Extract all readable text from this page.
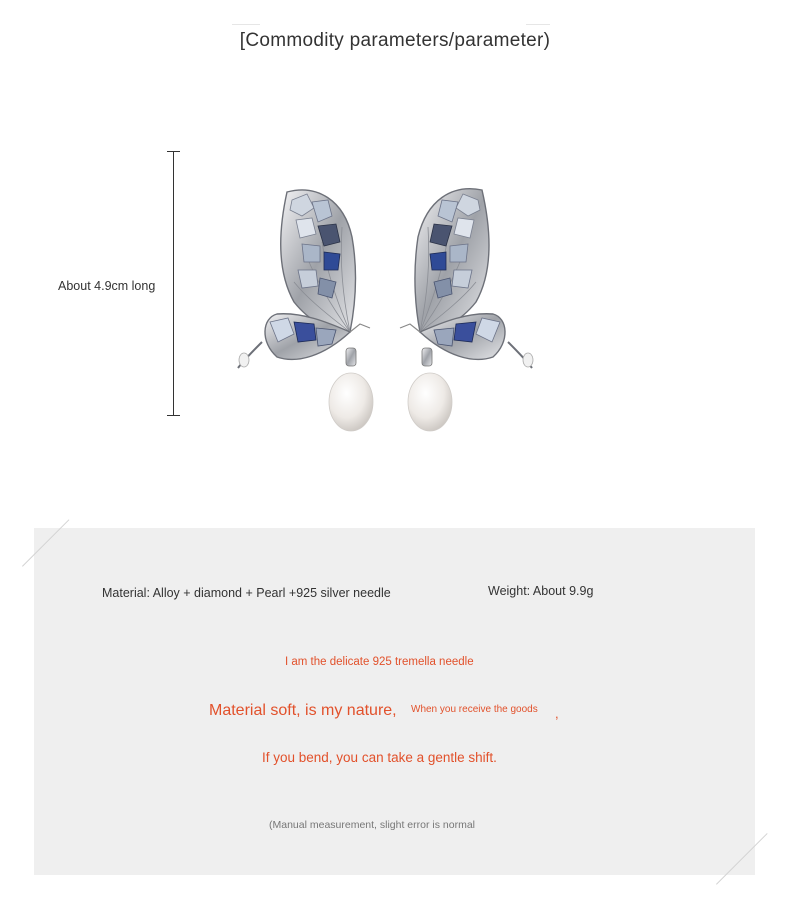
[Commodity parameters/parameter)
About 4.9cm long
Material: Alloy + diamond + Pearl +925 silver needle	Weight: About 9.9g
I am the delicate 925 tremella needle
Material soft, is my nature, When you receive the goods ,
If you bend, you can take a gentle shift.
(Manual measurement, slight error is normal
